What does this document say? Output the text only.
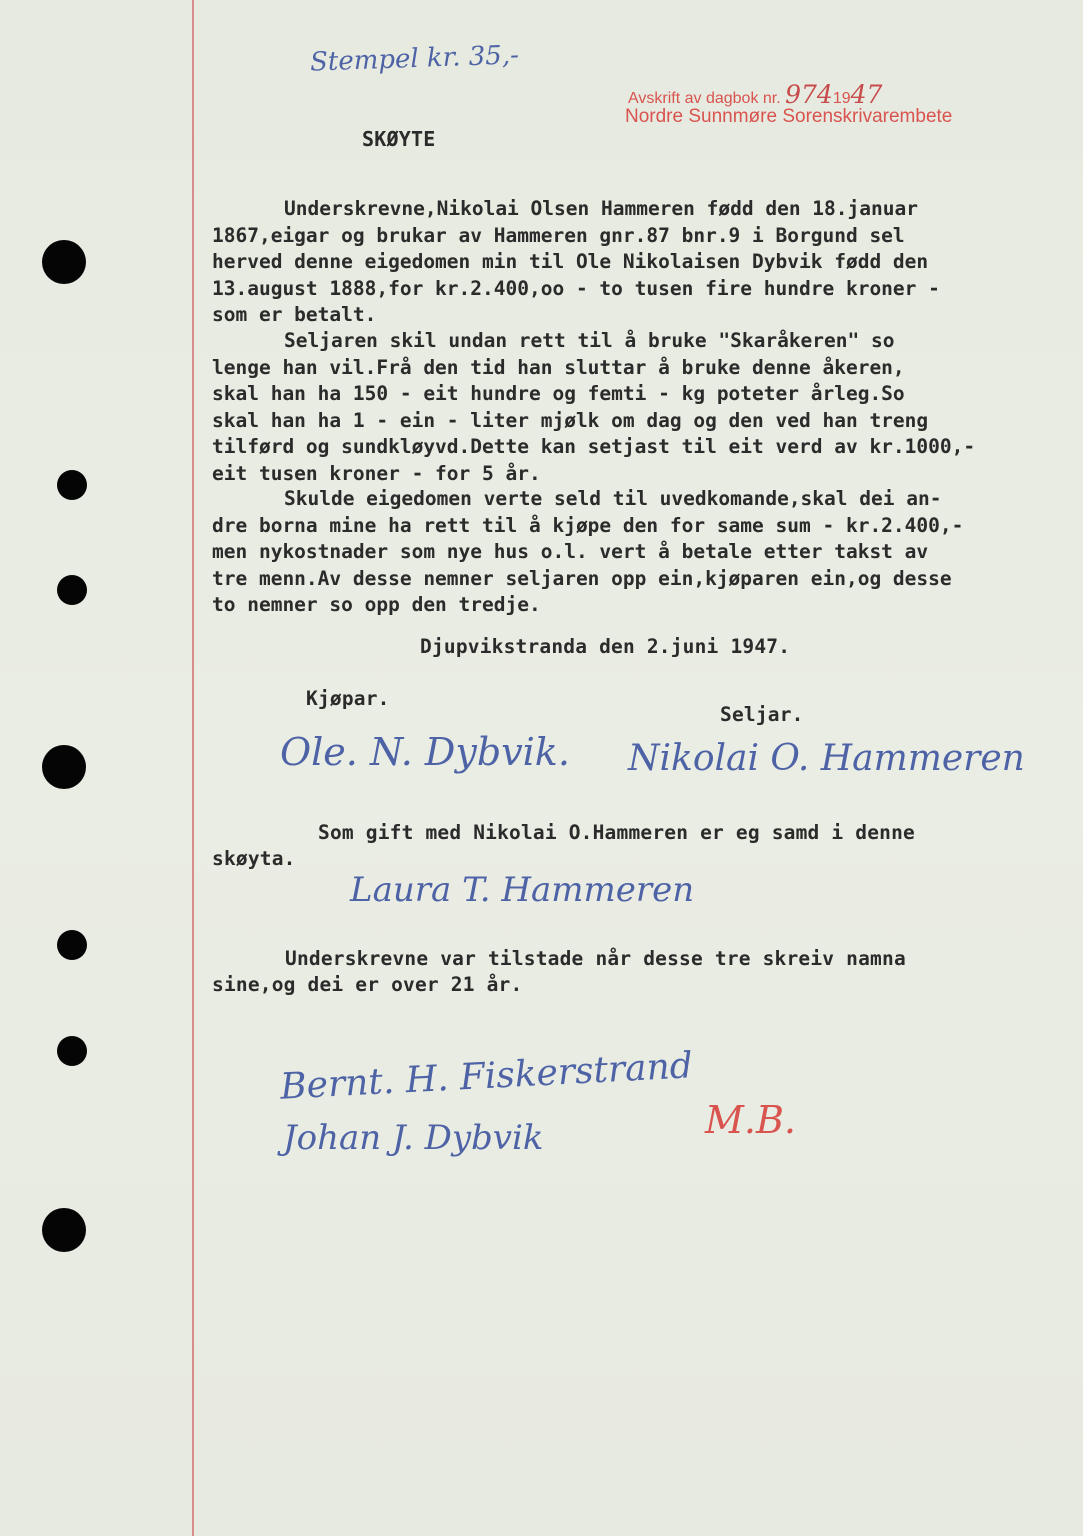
Stempel kr. 35,-
Avskrift av dagbok nr. 9741947
Nordre Sunnmøre Sorenskrivarembete
SKØYTE
Underskrevne,Nikolai Olsen Hammeren fødd den 18.januar
1867,eigar og brukar av Hammeren gnr.87 bnr.9 i Borgund sel
herved denne eigedomen min til Ole Nikolaisen Dybvik fødd den
13.august 1888,for kr.2.400,oo - to tusen fire hundre kroner -
som er betalt.
Seljaren skil undan rett til å bruke "Skaråkeren" so
lenge han vil.Frå den tid han sluttar å bruke denne åkeren,
skal han ha 150 - eit hundre og femti - kg poteter årleg.So
skal han ha 1 - ein - liter mjølk om dag og den ved han treng
tilførd og sundkløyvd.Dette kan setjast til eit verd av kr.1000,-
eit tusen kroner - for 5 år.
Skulde eigedomen verte seld til uvedkomande,skal dei an-
dre borna mine ha rett til å kjøpe den for same sum - kr.2.400,-
men nykostnader som nye hus o.l. vert å betale etter takst av
tre menn.Av desse nemner seljaren opp ein,kjøparen ein,og desse
to nemner so opp den tredje.
Djupvikstranda den 2.juni 1947.
Kjøpar.
Seljar.
Ole. N. Dybvik. Nikolai O. Hammeren
Som gift med Nikolai O.Hammeren er eg samd i denne
skøyta.
Laura T. Hammeren
Underskrevne var tilstade når desse tre skreiv namna
sine,og dei er over 21 år.
Bernt. H. Fiskerstrand
Johan J. Dybvik	M.B.
